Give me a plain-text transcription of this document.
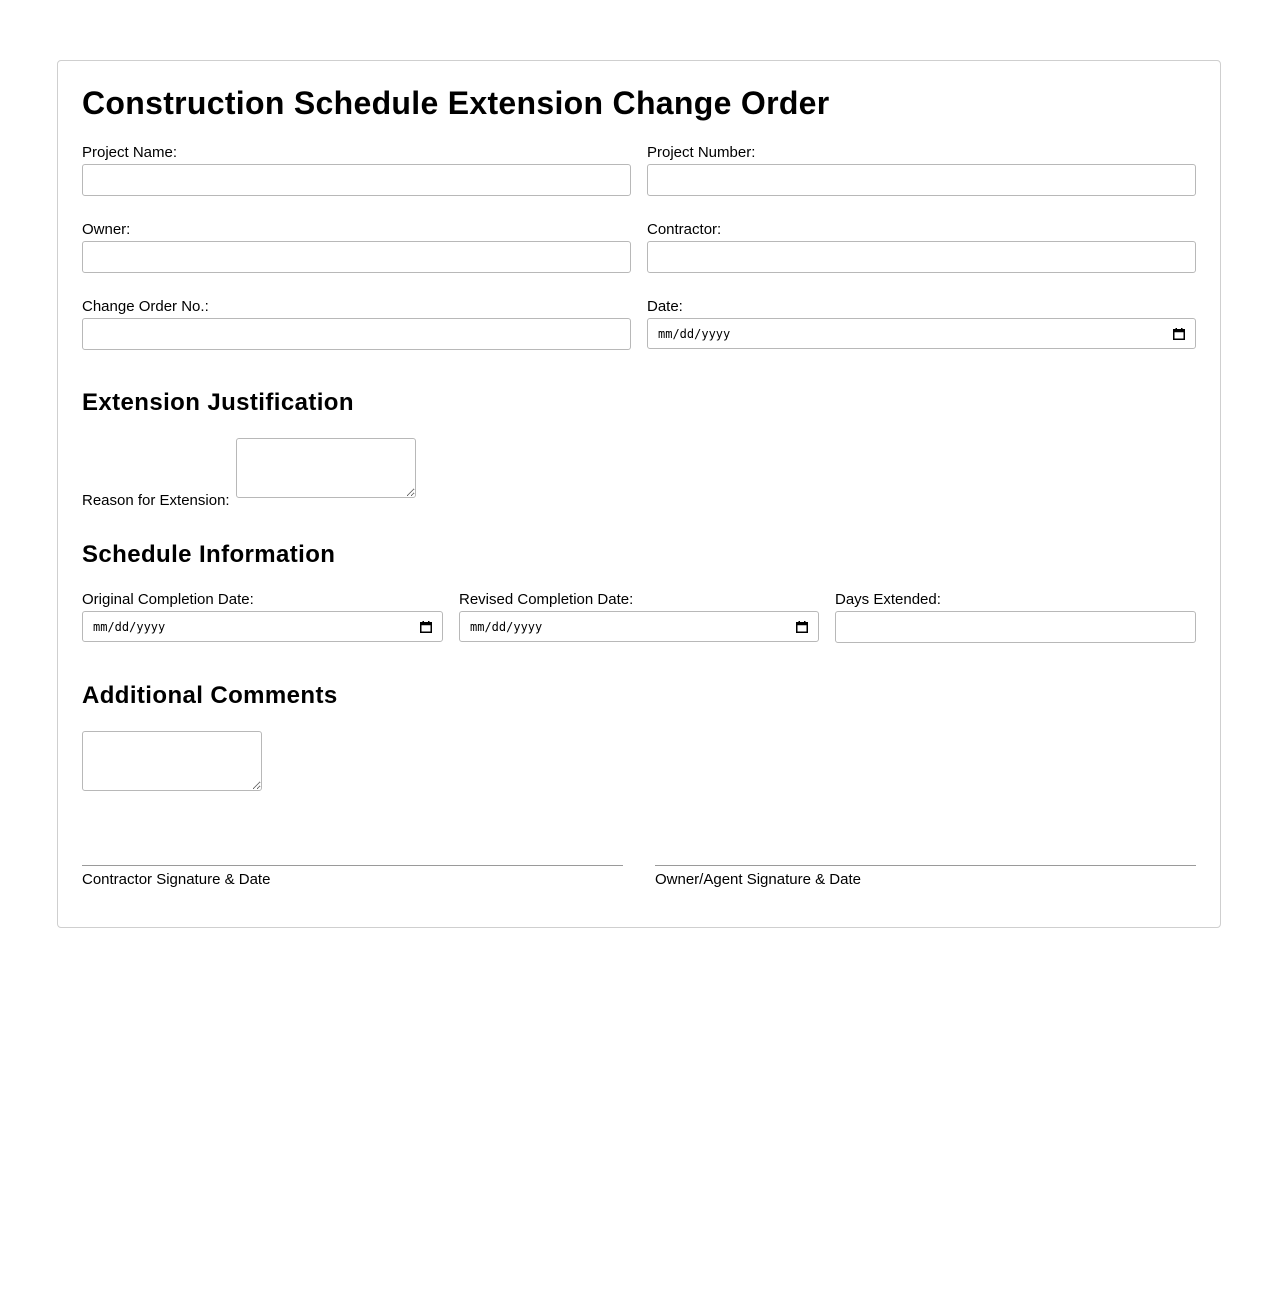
Construction Schedule Extension Change Order
Project Name:	Project Number:
Owner:	Contractor:
Change Order No.:	Date:
mm/dd/yyyy
Extension Justification
Reason for Extension:
Schedule Information
Original Completion Date:
mm/dd/yyyy
Revised Completion Date:
mm/dd/yyyy
Days Extended:
Additional Comments
Contractor Signature & Date	Owner/Agent Signature & Date
